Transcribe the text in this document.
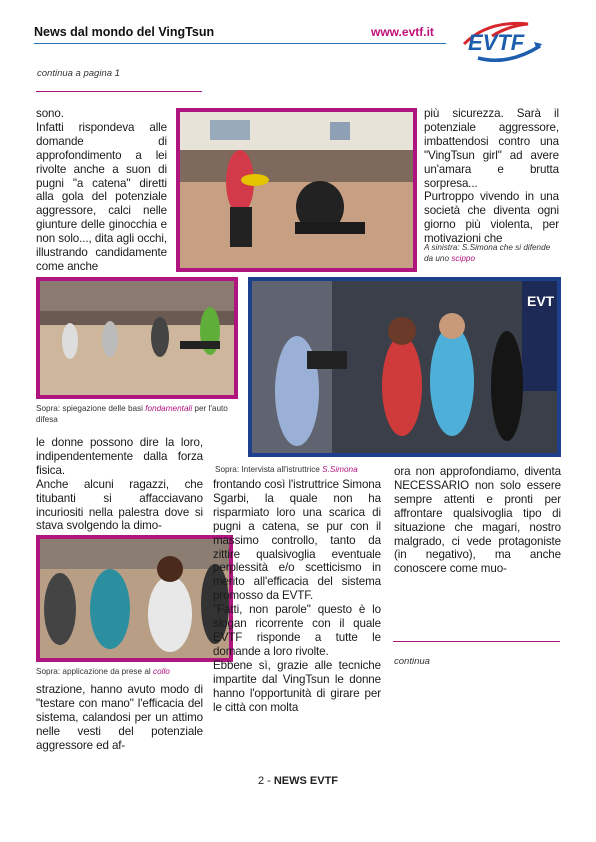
News dal mondo del VingTsun	www.evtf.it EVTF
continua a pagina 1

sono.

Infatti rispondeva alle domande di approfondimento a lei rivolte anche a suon di pugni "a catena" diretti alla gola del potenziale aggressore, calci nelle giunture delle ginocchia e non solo..., dita agli occhi, illustrando candidamente come anche

più sicurezza. Sarà il potenziale aggressore, imbattendosi contro una "VingTsun girl" ad avere un'amara e brutta sorpresa...

Purtroppo vivendo in una società che diventa ogni giorno più violenta, per motivazioni che

A sinistra: S.Simona che si difende da uno scippo
Sopra: spiegazione delle basi fondamentali per l'auto difesa
EVT
Sopra: Intervista all'istruttrice S.Simona

le donne possono dire la loro, indipendentemente dalla forza fisica.

Anche alcuni ragazzi, che titubanti si affacciavano incuriositi nella palestra dove si stava svolgendo la dimo-

Sopra: applicazione da prese al collo

strazione, hanno avuto modo di "testare con mano" l'efficacia del sistema, calandosi per un attimo nelle vesti del potenziale aggressore ed af-

frontando così l'istruttrice Simona Sgarbi, la quale non ha risparmiato loro una scarica di pugni a catena, se pur con il massimo controllo, tanto da zittire qualsivoglia eventuale perplessità e/o scetticismo in merito all'efficacia del sistema promosso da EVTF.

"Fatti, non parole" questo è lo slogan ricorrente con il quale EVTF risponde a tutte le domande a loro rivolte.

Ebbene sì, grazie alle tecniche impartite dal VingTsun le donne hanno l'opportunità di girare per le città con molta

ora non approfondiamo, diventa NECESSARIO non solo essere sempre attenti e pronti per affrontare qualsivoglia tipo di situazione che magari, nostro malgrado, ci vede protagoniste (in negativo), ma anche conoscere come muo-

continua
2 - NEWS EVTF
